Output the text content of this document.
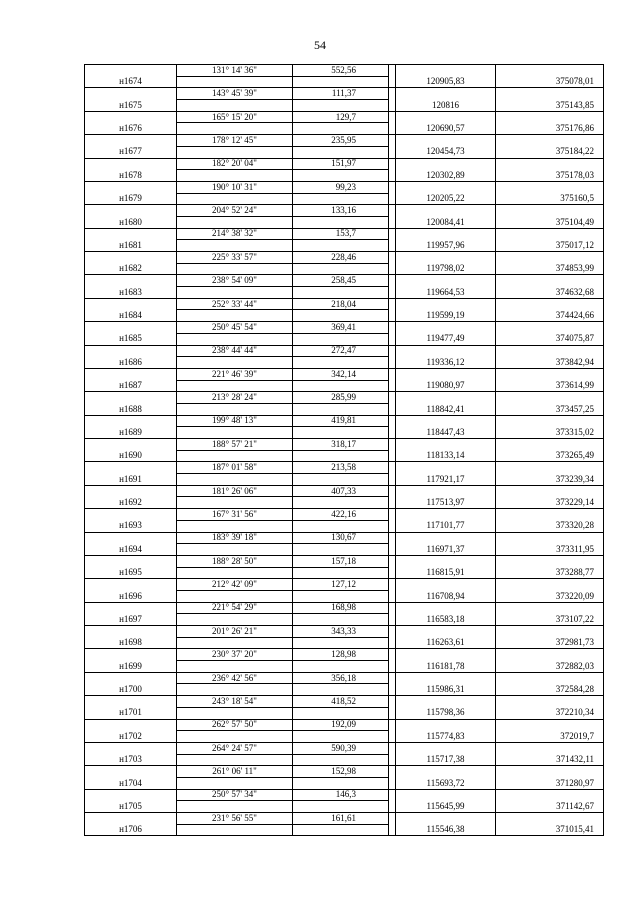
54
	131° 14' 36"	552,56			
н1674				120905,83	375078,01
	143° 45' 39"	111,37			
н1675				120816	375143,85
	165° 15' 20"	129,7			
н1676				120690,57	375176,86
	178° 12' 45"	235,95			
н1677				120454,73	375184,22
	182° 20' 04"	151,97			
н1678				120302,89	375178,03
	190° 10' 31"	99,23			
н1679				120205,22	375160,5
	204° 52' 24"	133,16			
н1680				120084,41	375104,49
	214° 38' 32"	153,7			
н1681				119957,96	375017,12
	225° 33' 57"	228,46			
н1682				119798,02	374853,99
	238° 54' 09"	258,45			
н1683				119664,53	374632,68
	252° 33' 44"	218,04			
н1684				119599,19	374424,66
	250° 45' 54"	369,41			
н1685				119477,49	374075,87
	238° 44' 44"	272,47			
н1686				119336,12	373842,94
	221° 46' 39"	342,14			
н1687				119080,97	373614,99
	213° 28' 24"	285,99			
н1688				118842,41	373457,25
	199° 48' 13"	419,81			
н1689				118447,43	373315,02
	188° 57' 21"	318,17			
н1690				118133,14	373265,49
	187° 01' 58"	213,58			
н1691				117921,17	373239,34
	181° 26' 06"	407,33			
н1692				117513,97	373229,14
	167° 31' 56"	422,16			
н1693				117101,77	373320,28
	183° 39' 18"	130,67			
н1694				116971,37	373311,95
	188° 28' 50"	157,18			
н1695				116815,91	373288,77
	212° 42' 09"	127,12			
н1696				116708,94	373220,09
	221° 54' 29"	168,98			
н1697				116583,18	373107,22
	201° 26' 21"	343,33			
н1698				116263,61	372981,73
	230° 37' 20"	128,98			
н1699				116181,78	372882,03
	236° 42' 56"	356,18			
н1700				115986,31	372584,28
	243° 18' 54"	418,52			
н1701				115798,36	372210,34
	262° 57' 50"	192,09			
н1702				115774,83	372019,7
	264° 24' 57"	590,39			
н1703				115717,38	371432,11
	261° 06' 11"	152,98			
н1704				115693,72	371280,97
	250° 57' 34"	146,3			
н1705				115645,99	371142,67
	231° 56' 55"	161,61			
н1706				115546,38	371015,41
